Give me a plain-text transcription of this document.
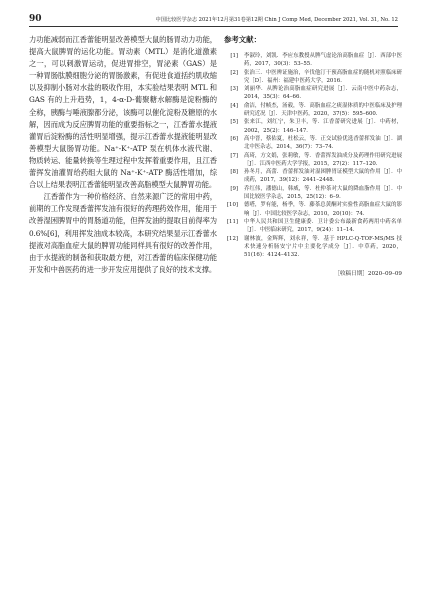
90	中国比较医学杂志 2021年12月第31卷第12期 Chin J Comp Med, December 2021, Vol. 31, No. 12

力功能减弱而江香蕾能明显改善模型大鼠的肠胃动力功能，提高大鼠脾胃的运化功能。胃动素（MTL）是消化道激素之一，可以刺激胃运动，促进胃排空，胃泌素（GAS）是一种胃肠肽膜细胞分泌的胃肠激素，有促进食道括约肌收缩以及抑制小肠对水盐的吸收作用，本实验结果表明 MTL 和 GAS 有的上升趋势，1，4-α-D-葡聚糖水解酶是淀粉酶的全称，胰酶与唾液腺都分泌，该酶可以催化淀粉及糖原的水解，因而成为反应脾胃功能的重要指标之一，江香蕾水提液灌胃后淀粉酶的活性明显增强，提示江香蕾水提液能明显改善模型大鼠肠胃功能。Na⁺-K⁺-ATP 泵在机体水液代谢、物质转运、能量转换等生理过程中发挥着重要作用，且江香蕾挥发油灌胃给药组大鼠的 Na⁺-K⁺-ATP 酶活性增加，综合以上结果表明江香蕾能明显改善高脂模型大鼠脾胃功能。

江香蕾作为一种价格经济、自然来源广泛的常用中药，前期的工作发现香蕾挥发油有很好的药理药效作用，能用于改善湿困脾胃中的胃肠道功能，但挥发油的提取目前得率为 0.6%[6]，利用挥发油成本较高，本研究结果显示江香蕾水提液对高脂血症大鼠的脾胃功能同样具有很好的改善作用，由于水提液的制备和获取最方便，对江香蕾的临床保健功能开发和中兽医药的进一步开发应用提供了良好的技术支撑。

参考文献：

[1]	李淑玲，刘凯．李应东教授从脾气虚论治高脂血症［J］．西部中医药，2017，30(3)：53–55．
[2]	张治三．中医辨证施治，辛伐他汀干预高脂血症的随机对照临床研究［D］．福州：福建中医药大学，2016．
[3]	刘丽华．从脾论治高脂血症研究进展［J］．云南中医中药杂志，2014，35(3)：64–66．
[4]	俞洁，付帧杰，汤毅，等．高脂血症之痰湿体质的中医临床及护理研究近况［J］．天津中医药，2020，37(5)：595–600．
[5]	张来江，刘红宁，朱卫丰，等．江香蕾研究进展［J］．中药材，2002，25(2)：146–147．
[6]	高中晋，蔡佑夏，杜松云，等．正交试验优选香蕾挥发油［J］．湖北中医杂志，2014，36(7)：73–74．
[7]	高琦，方文娟，张莉敏，等．香蕾挥发油成分及药理作用研究进展［J］．江西中医药大学学报，2015，27(2)：117–120．
[8]	孙冬月，高蕾．香蕾挥发油对湿困脾胃证模型大鼠的作用［J］．中成药，2017，39(12)：2441–2448．
[9]	乔红伟，潘德山，韩威，等．杜仲茶对大鼠的降血脂作用［J］．中国比较医学杂志，2015，25(12)：6–9．
[10]	德嗒，罗有能，杨季，等．藤茶总黄酮对实验性高脂血症大鼠的影响［J］．中国比较医学杂志，2010，20(10)：74．
[11]	中华人民共和国卫生健康委．卫计委公布最新食药两用中药名单［J］．中医临床研究，2017，9(24)：11–14．
[12]	谢林波，金辉辉，刘永祥，等．基于 HPLC-Q-TOF-MS/MS 技术快速分析肠安宁片中主要化学成分［J］．中草药，2020，51(16)：4124–4132．
［收稿日期］2020–09–09
